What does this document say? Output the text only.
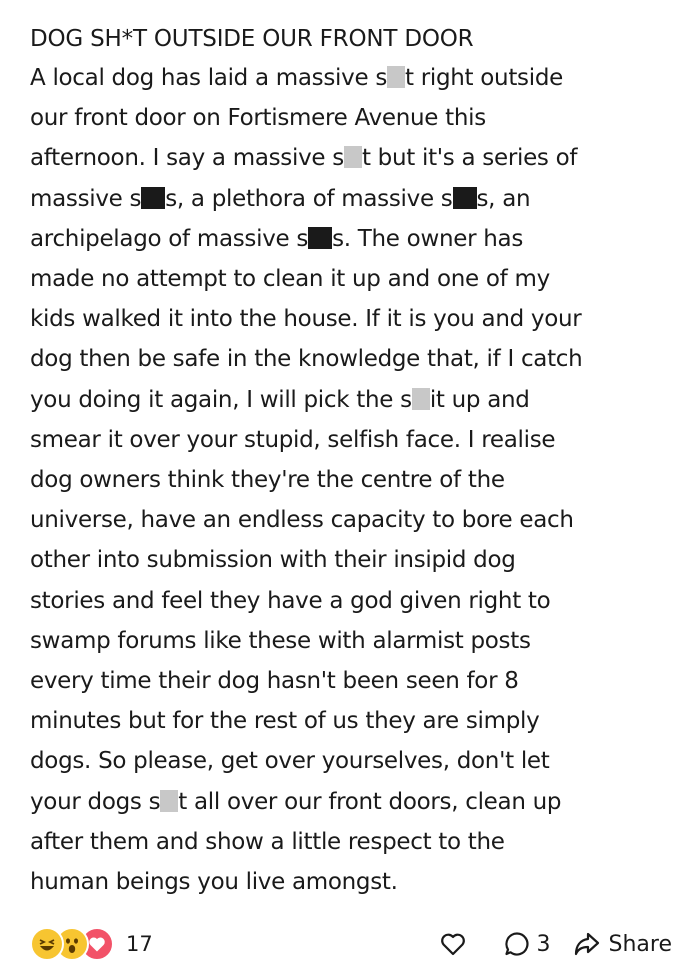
DOG SH*T OUTSIDE OUR FRONT DOOR
A local dog has laid a massive s t right outside
our front door on Fortismere Avenue this
afternoon. I say a massive s t but it's a series of
massive s s, a plethora of massive s s, an
archipelago of massive s s. The owner has
made no attempt to clean it up and one of my
kids walked it into the house. If it is you and your
dog then be safe in the knowledge that, if I catch
you doing it again, I will pick the s it up and
smear it over your stupid, selfish face. I realise
dog owners think they're the centre of the
universe, have an endless capacity to bore each
other into submission with their insipid dog
stories and feel they have a god given right to
swamp forums like these with alarmist posts
every time their dog hasn't been seen for 8
minutes but for the rest of us they are simply
dogs. So please, get over yourselves, don't let
your dogs s t all over our front doors, clean up
after them and show a little respect to the
human beings you live amongst.
17	3	Share
